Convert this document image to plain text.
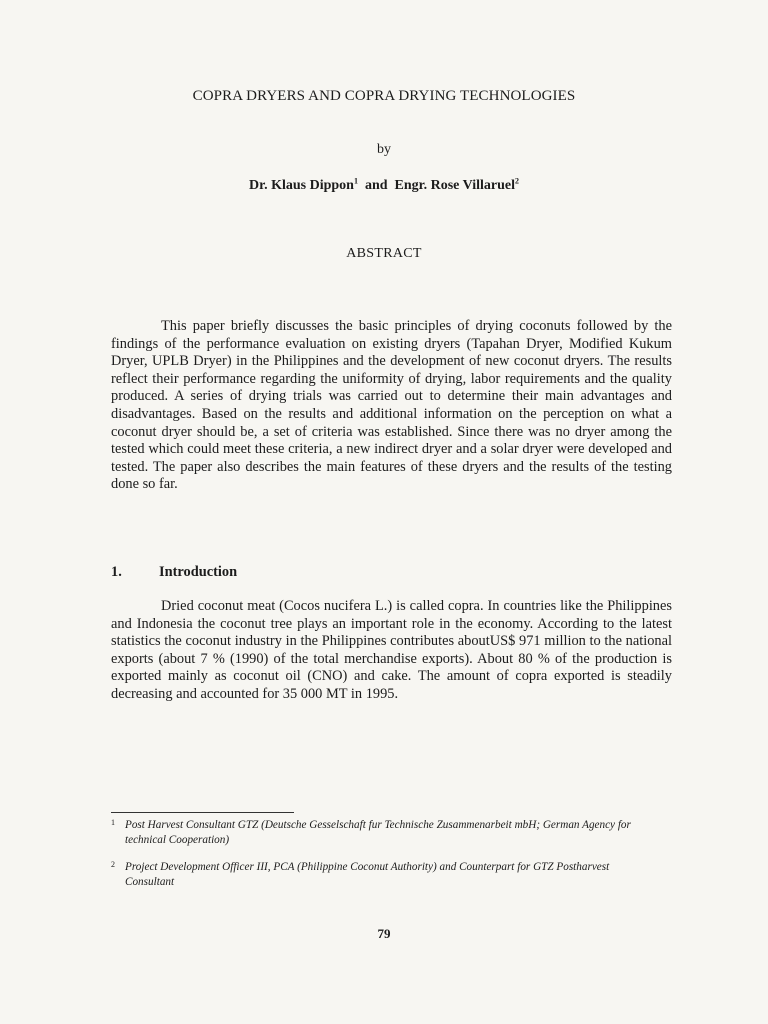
COPRA DRYERS AND COPRA DRYING TECHNOLOGIES
by
Dr. Klaus Dippon$^1$ and Engr. Rose Villaruel$^2$
ABSTRACT

This paper briefly discusses the basic principles of drying coconuts followed by the findings of the performance evaluation on existing dryers (Tapahan Dryer, Modified Kukum Dryer, UPLB Dryer) in the Philippines and the development of new coconut dryers. The results reflect their performance regarding the uniformity of drying, labor requirements and the quality produced. A series of drying trials was carried out to determine their main advantages and disadvantages. Based on the results and additional information on the perception on what a coconut dryer should be, a set of criteria was established. Since there was no dryer among the tested which could meet these criteria, a new indirect dryer and a solar dryer were developed and tested. The paper also describes the main features of these dryers and the results of the testing done so far.

1.	Introduction

Dried coconut meat (Cocos nucifera L.) is called copra. In countries like the Philippines and Indonesia the coconut tree plays an important role in the economy. According to the latest statistics the coconut industry in the Philippines contributes aboutUS$ 971 million to the national exports (about 7 % (1990) of the total merchandise exports). About 80 % of the production is exported mainly as coconut oil (CNO) and cake. The amount of copra exported is steadily decreasing and accounted for 35 000 MT in 1995.

1 Post Harvest Consultant GTZ (Deutsche Gesselschaft fur Technische Zusammenarbeit mbH; German Agency for technical Cooperation)
2 Project Development Officer III, PCA (Philippine Coconut Authority) and Counterpart for GTZ Postharvest Consultant
79
